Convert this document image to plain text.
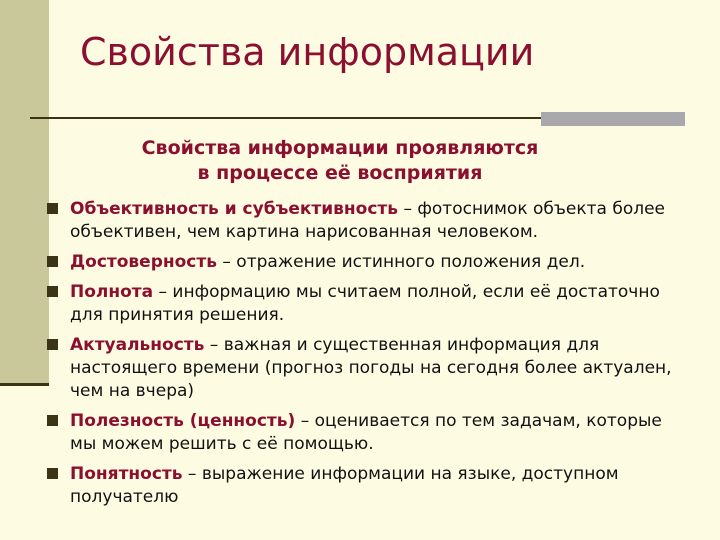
Свойства информации
Свойства информации проявляются
в процессе её восприятия
Объективность и субъективность – фотоснимок объекта более объективен, чем картина нарисованная человеком.
Достоверность – отражение истинного положения дел.
Полнота – информацию мы считаем полной, если её достаточно для принятия решения.
Актуальность – важная и существенная информация для настоящего времени (прогноз погоды на сегодня более актуален, чем на вчера)
Полезность (ценность) – оценивается по тем задачам, которые мы можем решить с её помощью.
Понятность – выражение информации на языке, доступном получателю
